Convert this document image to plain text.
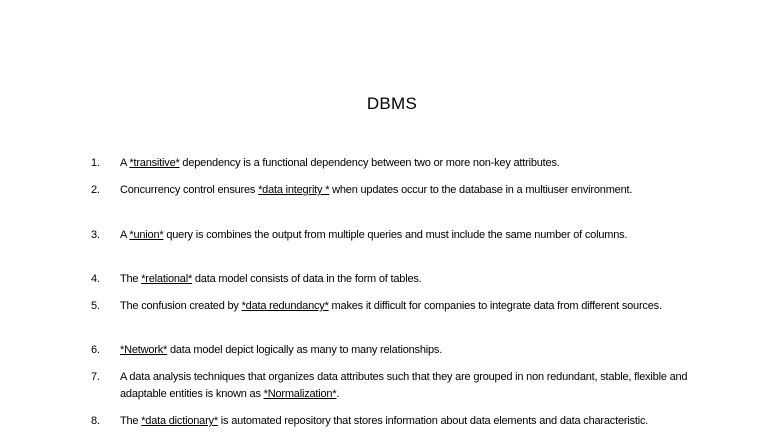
DBMS
1.	A *transitive* dependency is a functional dependency between two or more non-key attributes.
2.	Concurrency control ensures *data integrity * when updates occur to the database in a multiuser environment.
3.	A *union* query is combines the output from multiple queries and must include the same number of columns.
4.	The *relational* data model consists of data in the form of tables.
5.	The confusion created by *data redundancy* makes it difficult for companies to integrate data from different sources.
6.	*Network* data model depict logically as many to many relationships.
7.	A data analysis techniques that organizes data attributes such that they are grouped in non redundant, stable, flexible and adaptable entities is known as *Normalization*.
8.	The *data dictionary* is automated repository that stores information about data elements and data characteristic.
